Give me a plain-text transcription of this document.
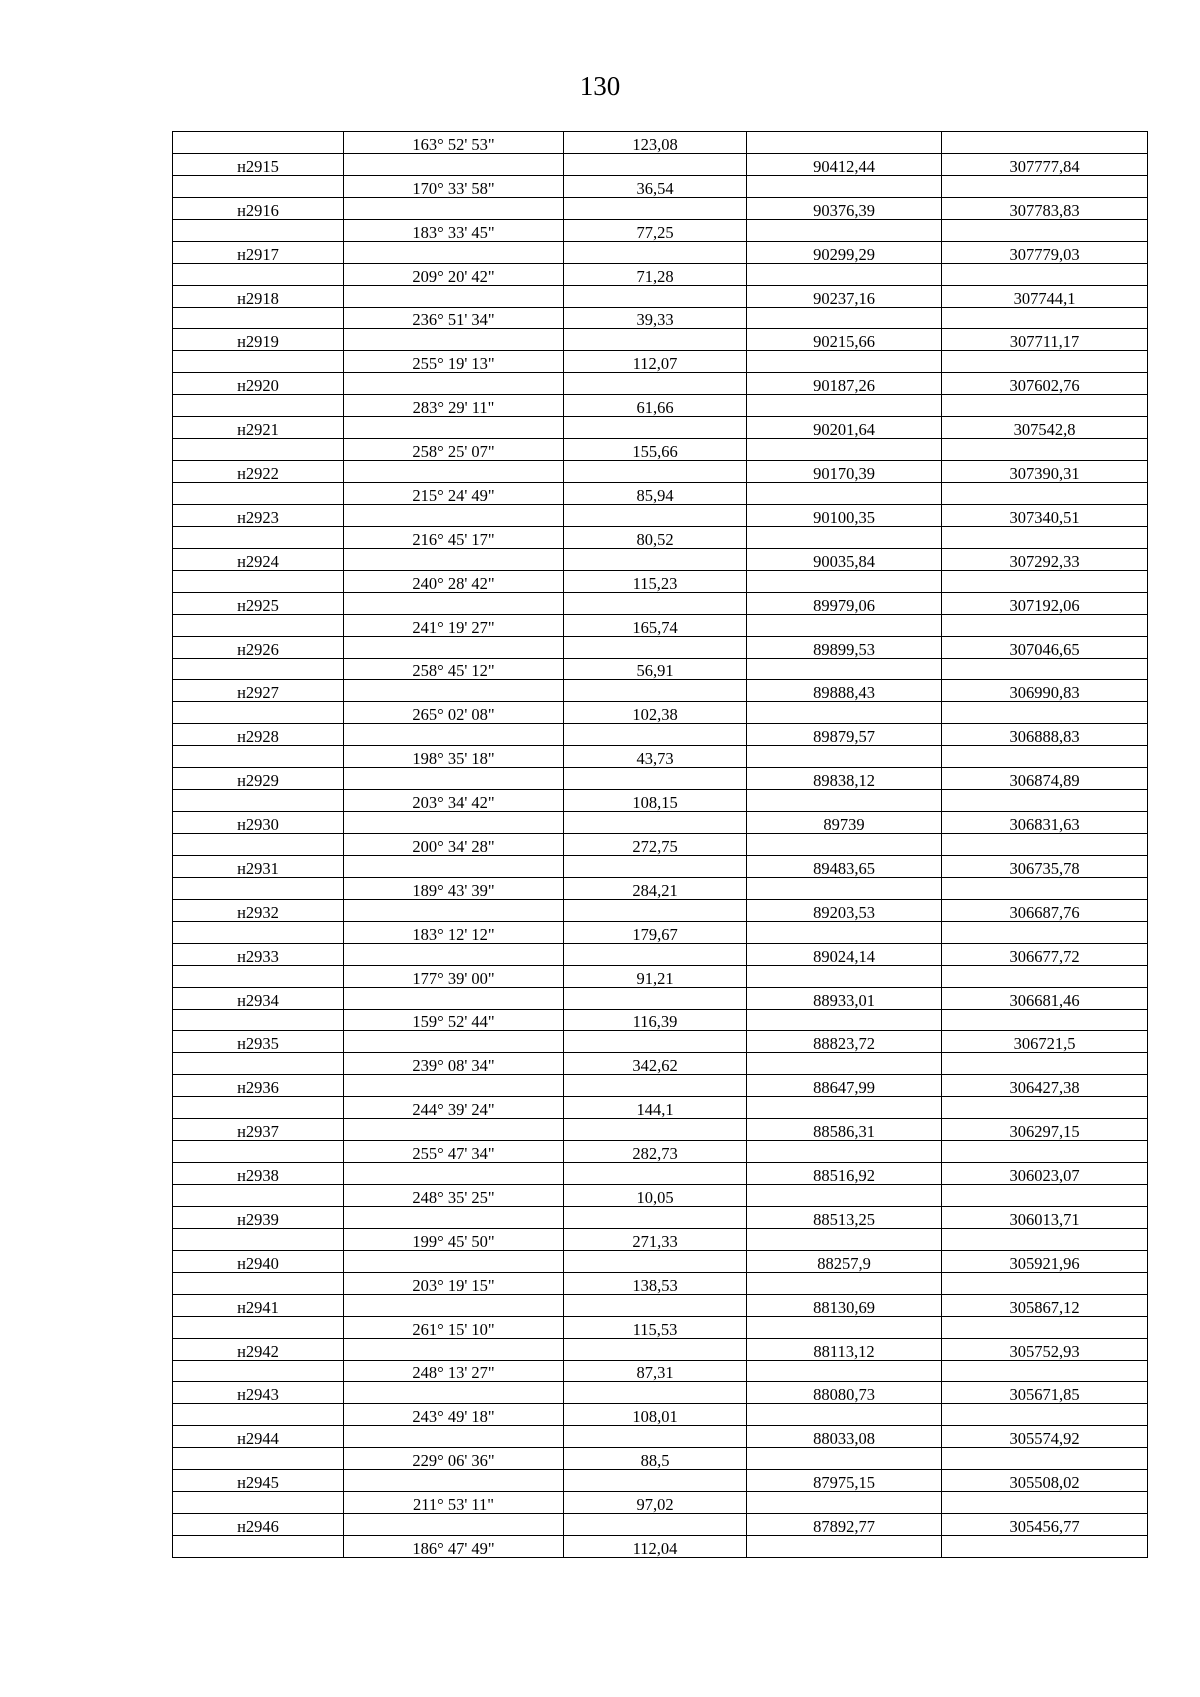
130
	163° 52' 53"	123,08		
н2915			90412,44	307777,84
	170° 33' 58"	36,54		
н2916			90376,39	307783,83
	183° 33' 45"	77,25		
н2917			90299,29	307779,03
	209° 20' 42"	71,28		
н2918			90237,16	307744,1
	236° 51' 34"	39,33		
н2919			90215,66	307711,17
	255° 19' 13"	112,07		
н2920			90187,26	307602,76
	283° 29' 11"	61,66		
н2921			90201,64	307542,8
	258° 25' 07"	155,66		
н2922			90170,39	307390,31
	215° 24' 49"	85,94		
н2923			90100,35	307340,51
	216° 45' 17"	80,52		
н2924			90035,84	307292,33
	240° 28' 42"	115,23		
н2925			89979,06	307192,06
	241° 19' 27"	165,74		
н2926			89899,53	307046,65
	258° 45' 12"	56,91		
н2927			89888,43	306990,83
	265° 02' 08"	102,38		
н2928			89879,57	306888,83
	198° 35' 18"	43,73		
н2929			89838,12	306874,89
	203° 34' 42"	108,15		
н2930			89739	306831,63
	200° 34' 28"	272,75		
н2931			89483,65	306735,78
	189° 43' 39"	284,21		
н2932			89203,53	306687,76
	183° 12' 12"	179,67		
н2933			89024,14	306677,72
	177° 39' 00"	91,21		
н2934			88933,01	306681,46
	159° 52' 44"	116,39		
н2935			88823,72	306721,5
	239° 08' 34"	342,62		
н2936			88647,99	306427,38
	244° 39' 24"	144,1		
н2937			88586,31	306297,15
	255° 47' 34"	282,73		
н2938			88516,92	306023,07
	248° 35' 25"	10,05		
н2939			88513,25	306013,71
	199° 45' 50"	271,33		
н2940			88257,9	305921,96
	203° 19' 15"	138,53		
н2941			88130,69	305867,12
	261° 15' 10"	115,53		
н2942			88113,12	305752,93
	248° 13' 27"	87,31		
н2943			88080,73	305671,85
	243° 49' 18"	108,01		
н2944			88033,08	305574,92
	229° 06' 36"	88,5		
н2945			87975,15	305508,02
	211° 53' 11"	97,02		
н2946			87892,77	305456,77
	186° 47' 49"	112,04		
